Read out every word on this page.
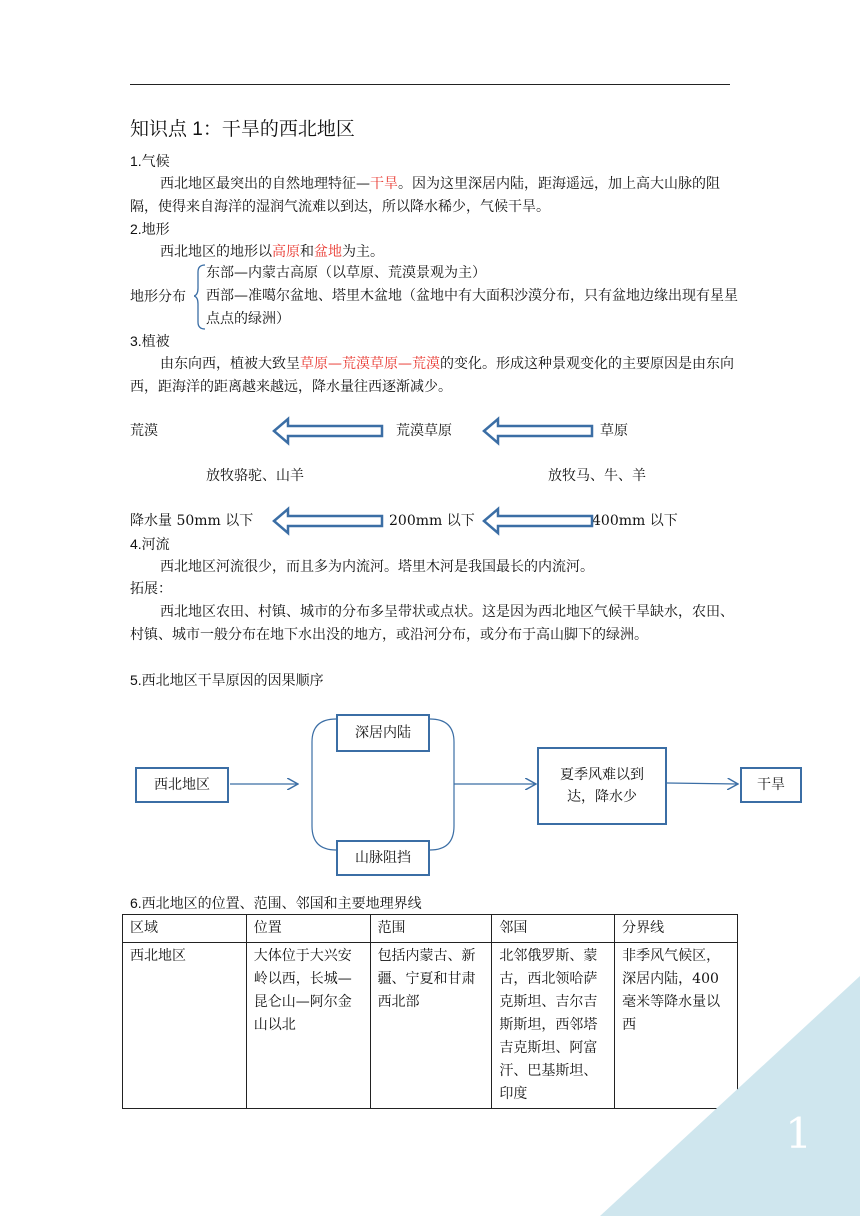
知识点 1：干旱的西北地区
1.气候
西北地区最突出的自然地理特征—干旱。因为这里深居内陆，距海遥远，加上高大山脉的阻隔，使得来自海洋的湿润气流难以到达，所以降水稀少，气候干旱。
2.地形
西北地区的地形以高原和盆地为主。
地形分布
东部—内蒙古高原（以草原、荒漠景观为主）
西部—准噶尔盆地、塔里木盆地（盆地中有大面积沙漠分布，只有盆地边缘出现有星星点点的绿洲）
3.植被
由东向西，植被大致呈草原—荒漠草原—荒漠的变化。形成这种景观变化的主要原因是由东向西，距海洋的距离越来越远，降水量往西逐渐减少。
荒漠	荒漠草原	草原
放牧骆驼、山羊	放牧马、牛、羊
降水量 50mm 以下	200mm 以下	400mm 以下
4.河流
西北地区河流很少，而且多为内流河。塔里木河是我国最长的内流河。
拓展：
西北地区农田、村镇、城市的分布多呈带状或点状。这是因为西北地区气候干旱缺水，农田、村镇、城市一般分布在地下水出没的地方，或沿河分布，或分布于高山脚下的绿洲。
5.西北地区干旱原因的因果顺序
西北地区
深居内陆
山脉阻挡
夏季风难以到达，降水少
干旱
6.西北地区的位置、范围、邻国和主要地理界线
区域	位置	范围	邻国	分界线
西北地区	大体位于大兴安岭以西，长城—昆仑山—阿尔金山以北	包括内蒙古、新疆、宁夏和甘肃西北部	北邻俄罗斯、蒙古，西北领哈萨克斯坦、吉尔吉斯斯坦，西邻塔吉克斯坦、阿富汗、巴基斯坦、印度	非季风气候区，深居内陆，400毫米等降水量以西
1
